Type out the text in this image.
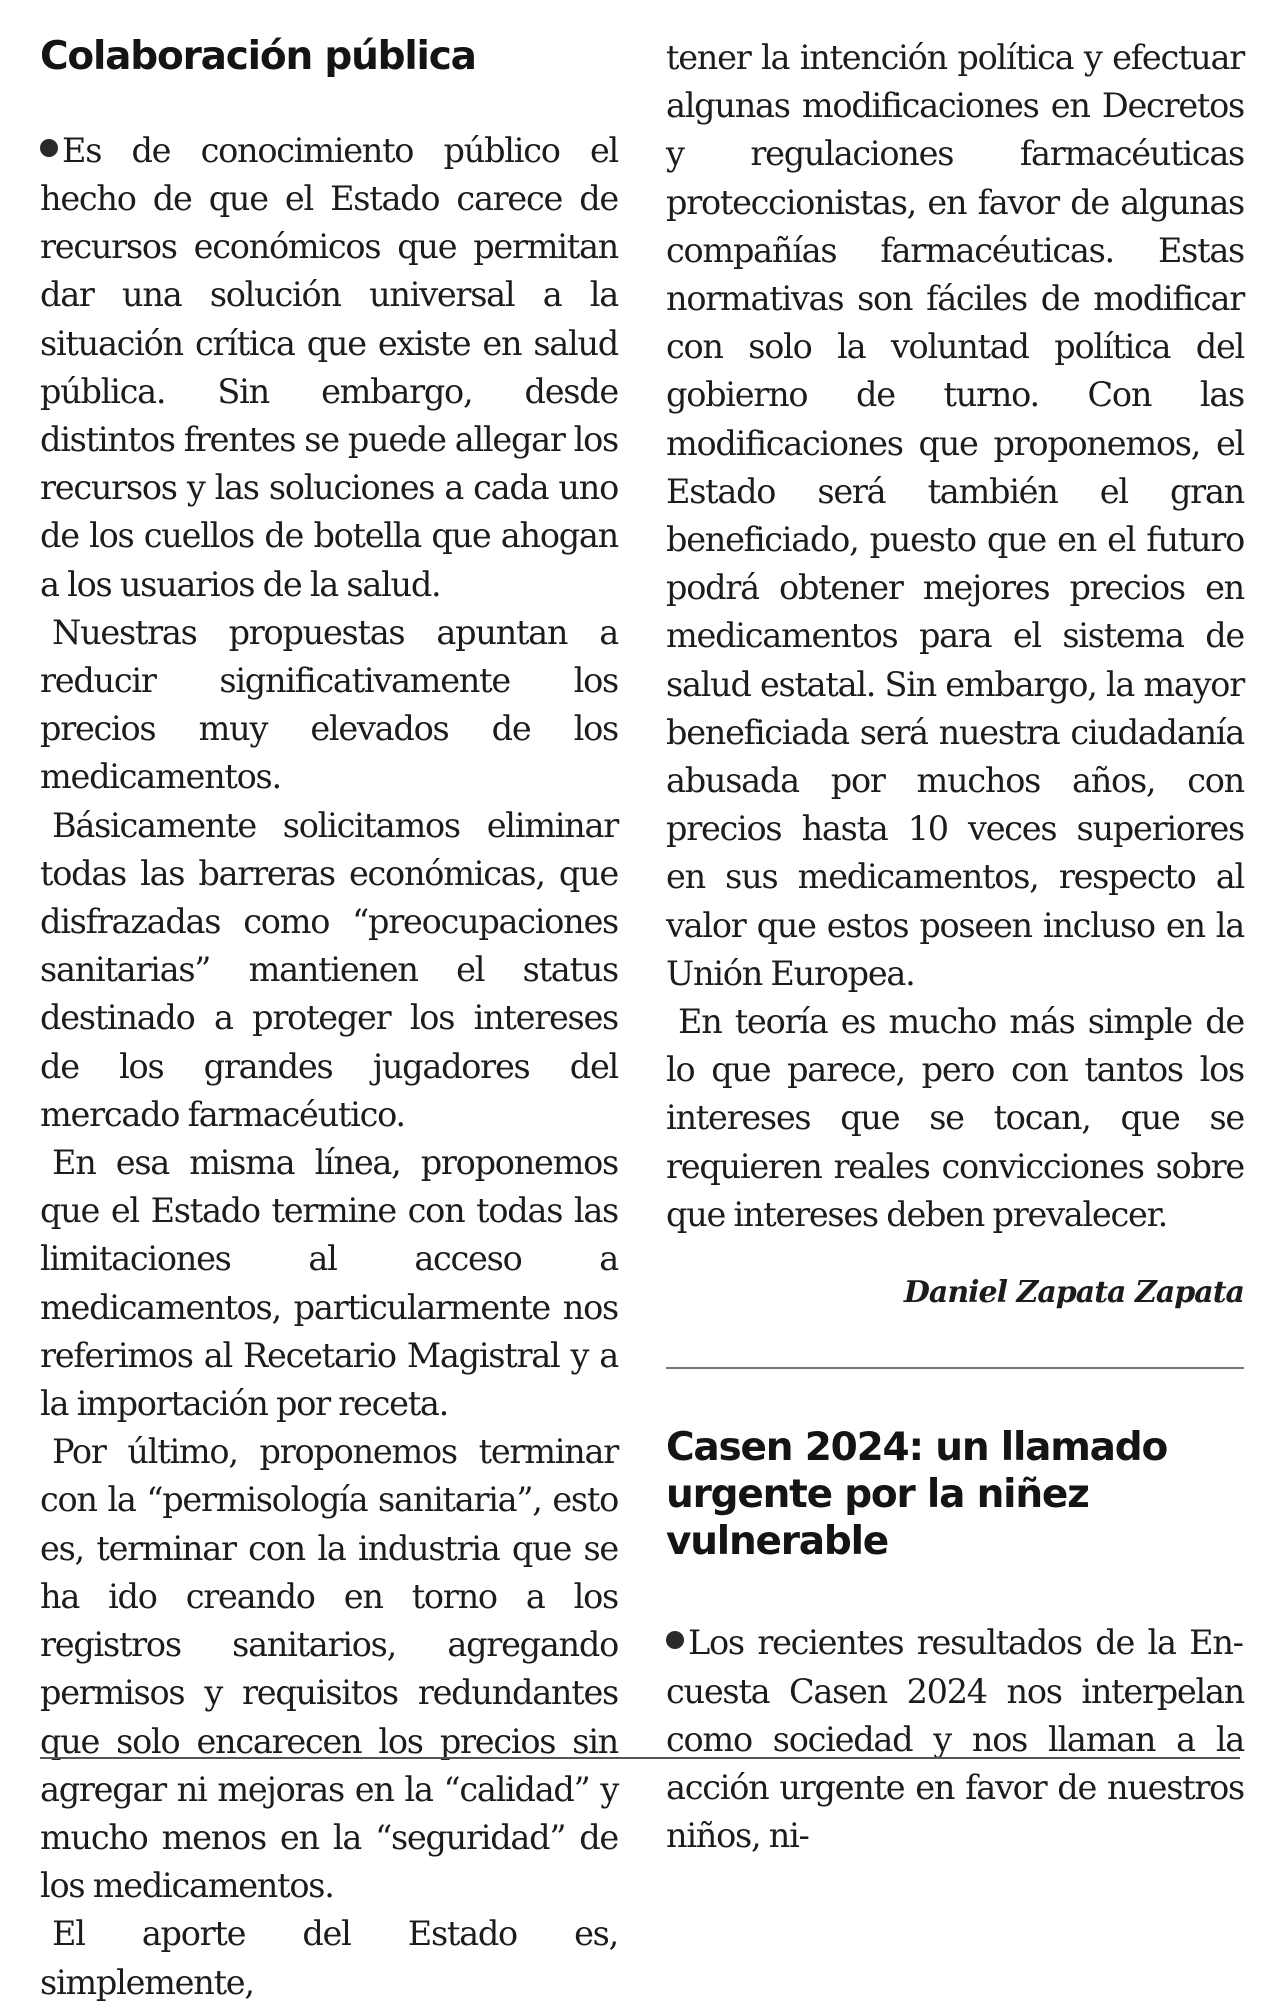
Colaboración pública
Es de conocimiento público el hecho de que el Estado carece de recursos económicos que permitan dar una solución universal a la situación crítica que existe en salud pública. Sin embargo, desde distintos frentes se puede allegar los recursos y las soluciones a cada uno de los cuellos de botella que ahogan a los usuarios de la salud.
Nuestras propuestas apuntan a reducir significativamente los precios muy elevados de los medicamentos.
Básicamente solicitamos eliminar todas las barreras económicas, que disfrazadas como “preocupaciones sanitarias” mantienen el status destinado a proteger los intereses de los grandes jugadores del mercado farmacéutico.
En esa misma línea, proponemos que el Estado termine con todas las limitaciones al acceso a medicamentos, particularmente nos referimos al Recetario Magistral y a la importación por receta.
Por último, proponemos terminar con la “permisología sanitaria”, esto es, terminar con la industria que se ha ido creando en torno a los registros sanitarios, agregando permisos y requisitos redundantes que solo encarecen los precios sin agregar ni mejoras en la “calidad” y mucho menos en la “seguridad” de los medicamentos.
El aporte del Estado es, simplemente,
tener la intención política y efectuar algunas modificaciones en Decretos y regulaciones farmacéuticas proteccionistas, en favor de algunas compañías farmacéuticas. Estas normativas son fáciles de modificar con solo la voluntad política del gobierno de turno. Con las modificaciones que proponemos, el Estado será también el gran beneficiado, puesto que en el futuro podrá obtener mejores precios en medicamentos para el sistema de salud estatal. Sin embargo, la mayor beneficiada será nuestra ciudadanía abusada por muchos años, con precios hasta 10 veces superiores en sus medicamentos, respecto al valor que estos poseen incluso en la Unión Europea.
En teoría es mucho más simple de lo que parece, pero con tantos los intereses que se tocan, que se requieren reales convicciones sobre que intereses deben prevalecer.

Daniel Zapata Zapata

Casen 2024: un llamado urgente por la niñez vulnerable
Los recientes resultados de la Encuesta Casen 2024 nos interpelan como sociedad y nos llaman a la acción urgente en favor de nuestros niños, ni-
